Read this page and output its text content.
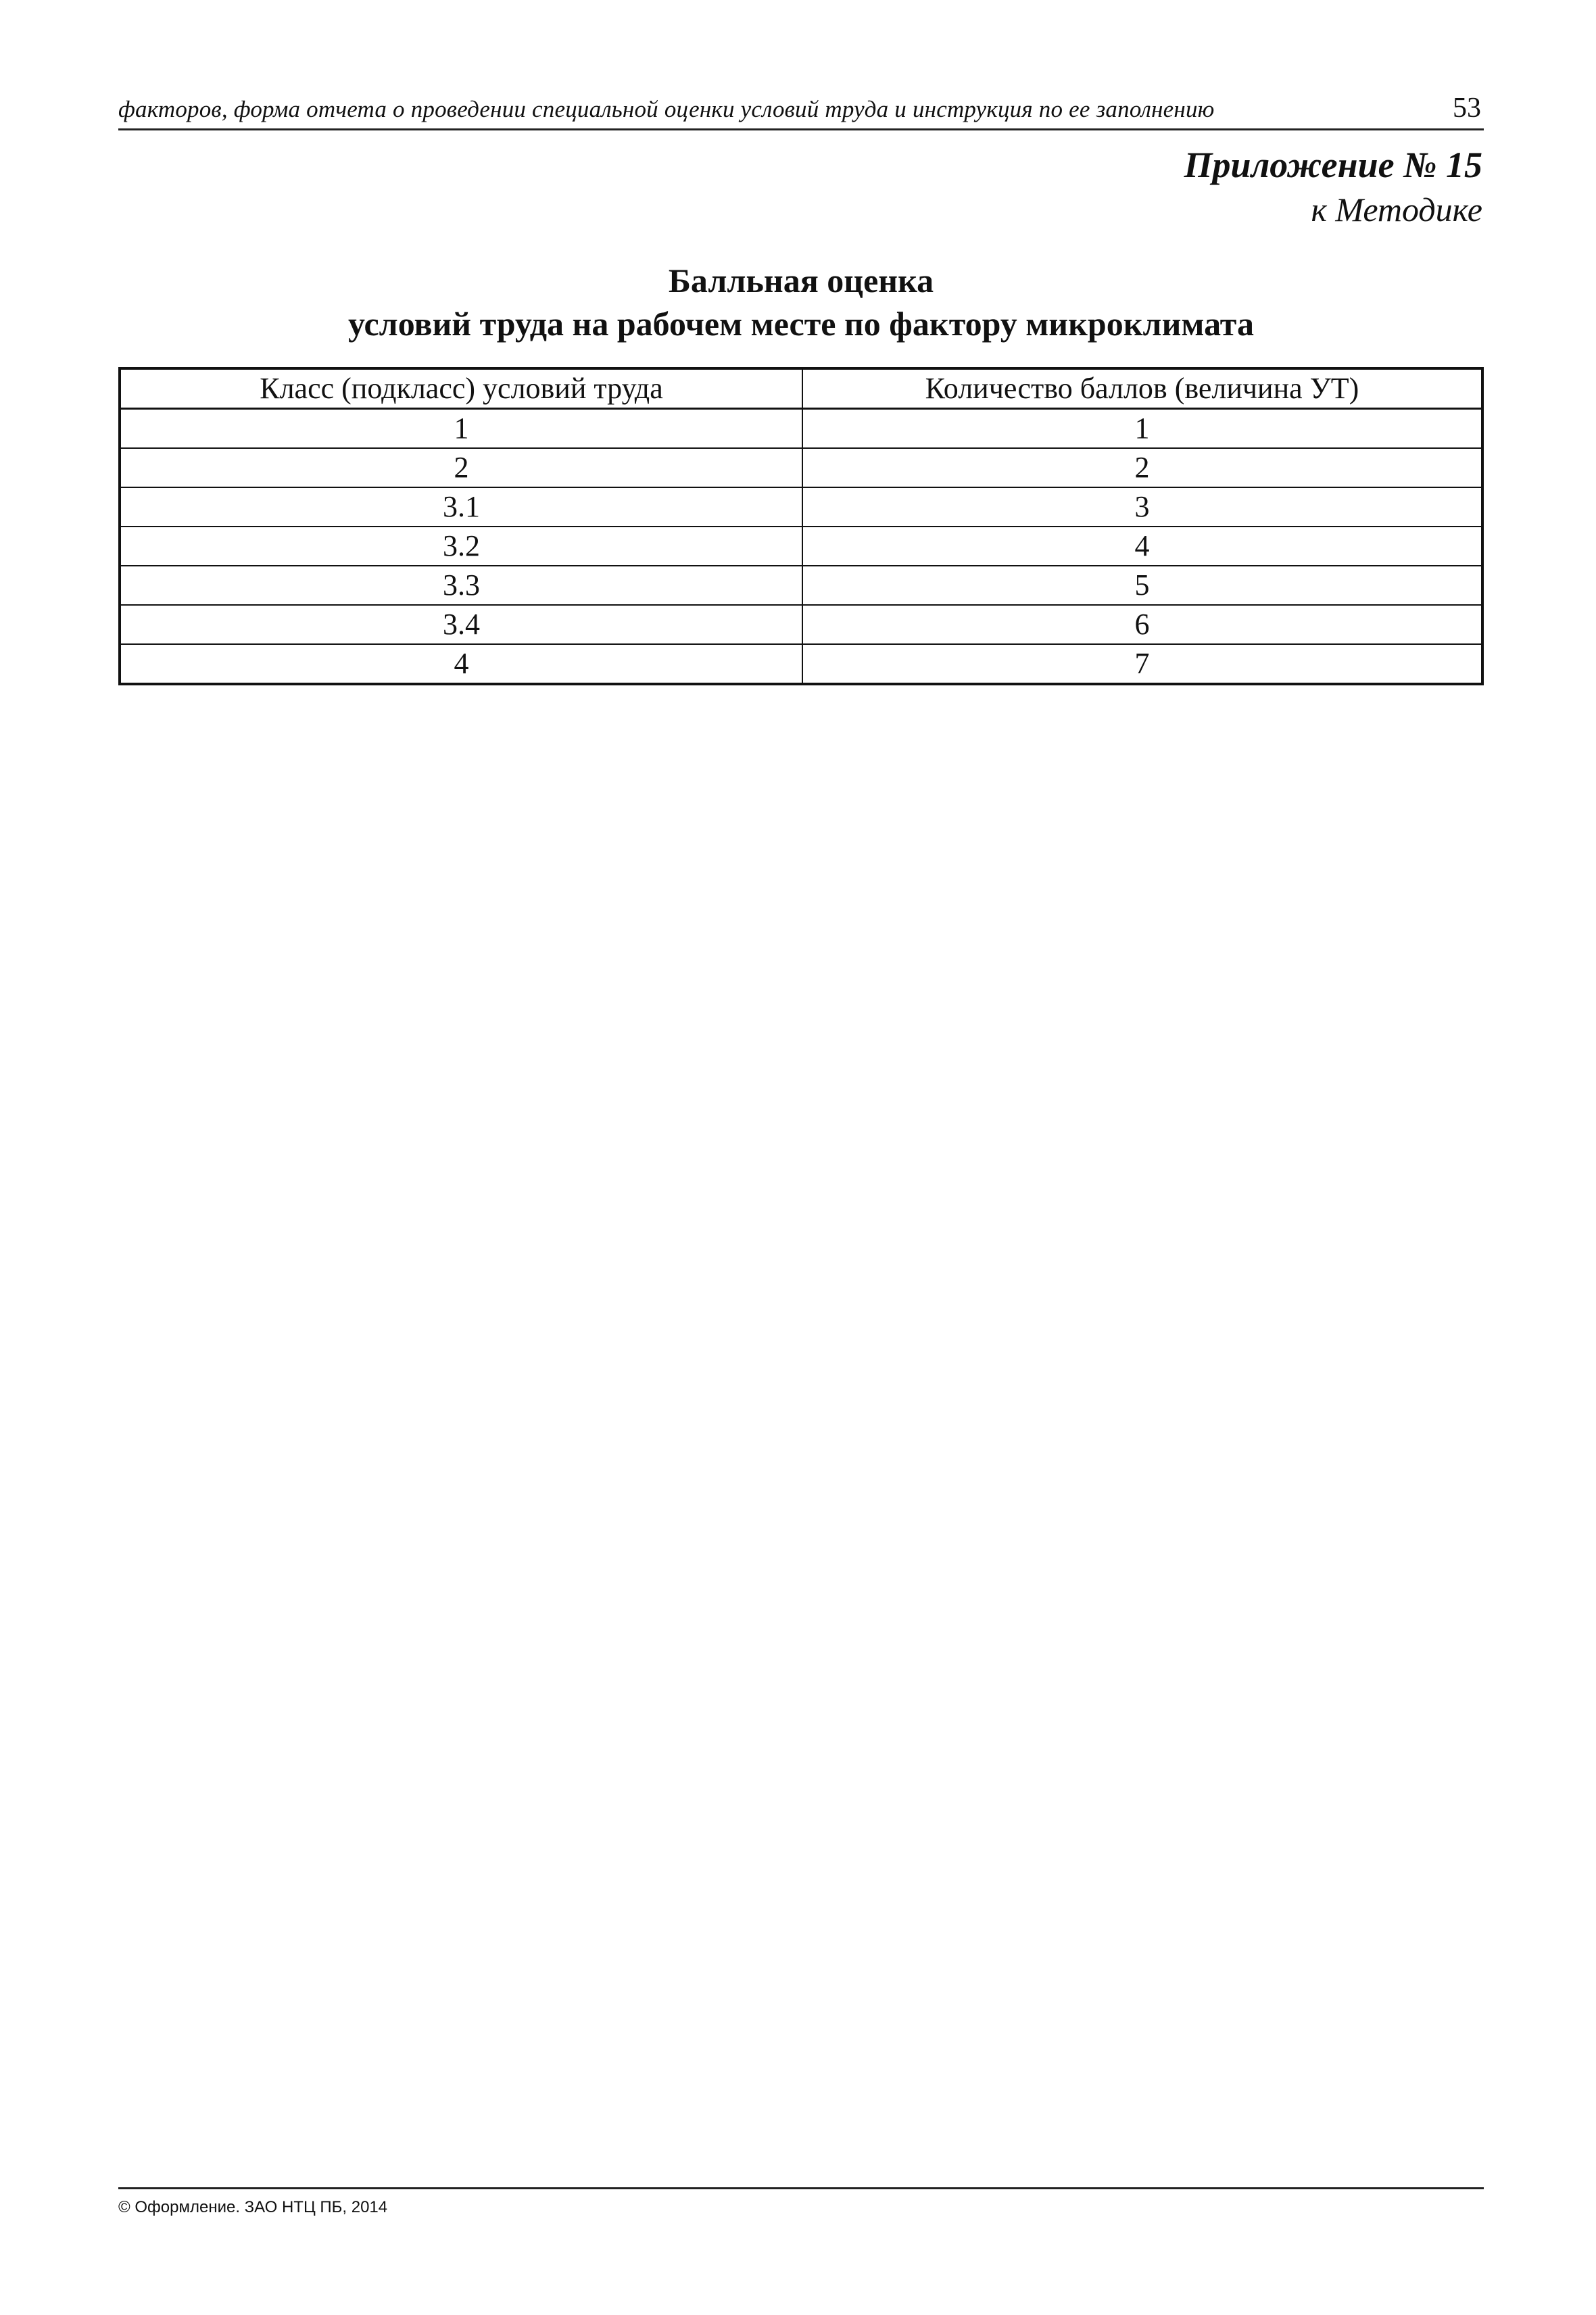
факторов, форма отчета о проведении специальной оценки условий труда и инструкция по ее заполнению	53
Приложение № 15
к Методике
Балльная оценка
условий труда на рабочем месте по фактору микроклимата
Класс (подкласс) условий труда	Количество баллов (величина УТ)
1	1
2	2
3.1	3
3.2	4
3.3	5
3.4	6
4	7
© Оформление. ЗАО НТЦ ПБ, 2014
